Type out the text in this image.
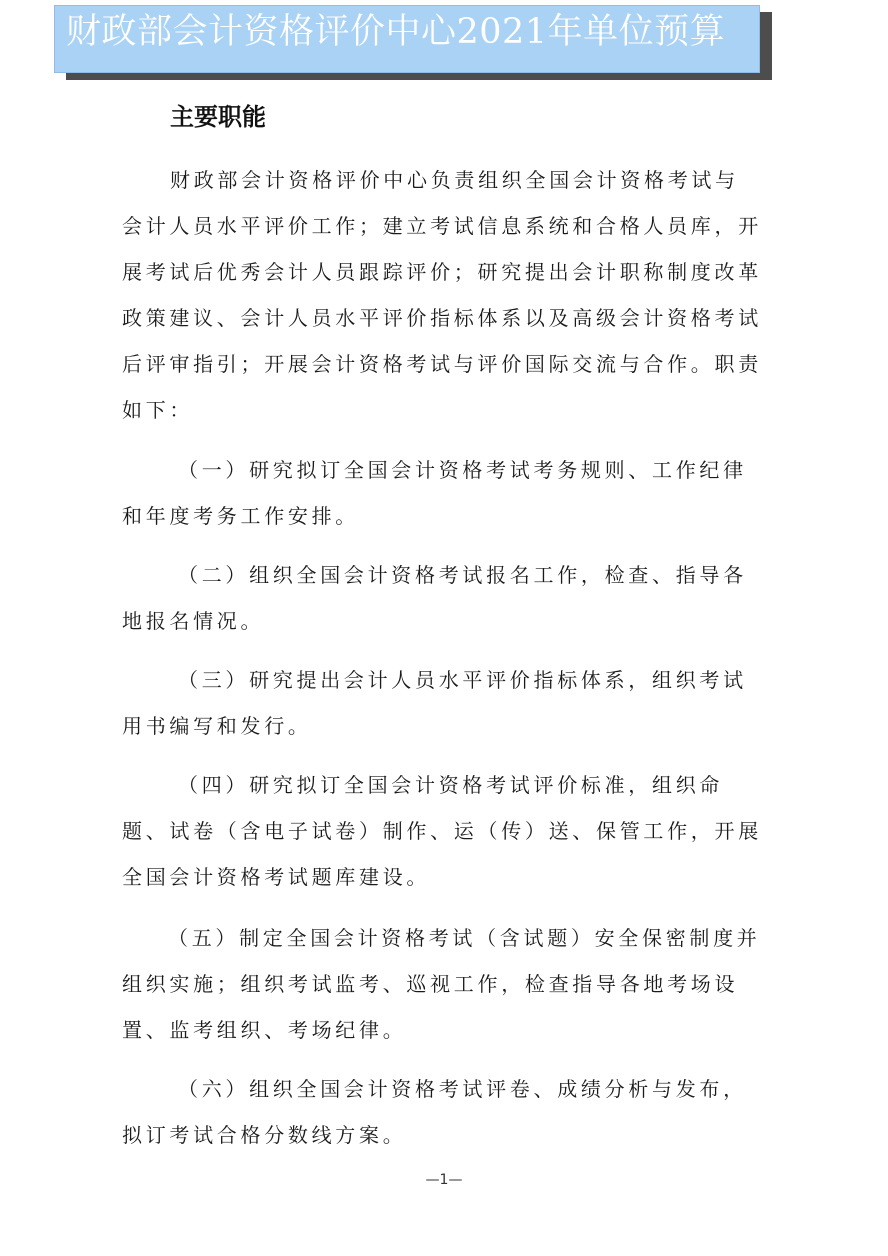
财政部会计资格评价中心2021年单位预算
主要职能

财政部会计资格评价中心负责组织全国会计资格考试与会计人员水平评价工作；建立考试信息系统和合格人员库，开展考试后优秀会计人员跟踪评价；研究提出会计职称制度改革政策建议、会计人员水平评价指标体系以及高级会计资格考试后评审指引；开展会计资格考试与评价国际交流与合作。职责如下：

（一）研究拟订全国会计资格考试考务规则、工作纪律和年度考务工作安排。

（二）组织全国会计资格考试报名工作，检查、指导各地报名情况。

（三）研究提出会计人员水平评价指标体系，组织考试用书编写和发行。

（四）研究拟订全国会计资格考试评价标准，组织命题、试卷（含电子试卷）制作、运（传）送、保管工作，开展全国会计资格考试题库建设。

（五）制定全国会计资格考试（含试题）安全保密制度并组织实施；组织考试监考、巡视工作，检查指导各地考场设置、监考组织、考场纪律。

（六）组织全国会计资格考试评卷、成绩分析与发布，拟订考试合格分数线方案。

—1—
